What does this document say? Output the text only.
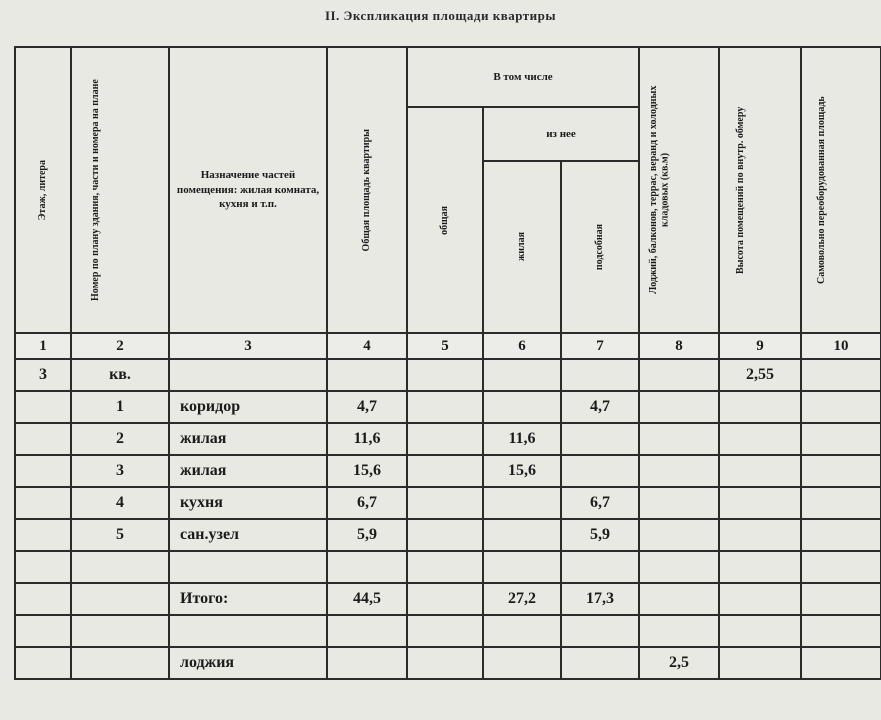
II. Экспликация площади квартиры
Этаж, литера	Номер по плану здания, части и номера на плане	Назначение частей помещения: жилая комната, кухня и т.п.	Общая площадь квартиры	В том числе			Лоджий, балконов, террас, веранд и холодных кладовых (кв.м)	Высота помещений по внутр. обмеру	Самовольно переоборудованная площадь

				общая	из нее				

					жилая	подсобная			

1	2	3	4	5	6	7	8	9	10
3	кв.							2,55	
	1	коридор	4,7			4,7			
	2	жилая	11,6		11,6				
	3	жилая	15,6		15,6				
	4	кухня	6,7			6,7			
	5	сан.узел	5,9			5,9			

		Итого:	44,5		27,2	17,3			

		лоджия					2,5		
